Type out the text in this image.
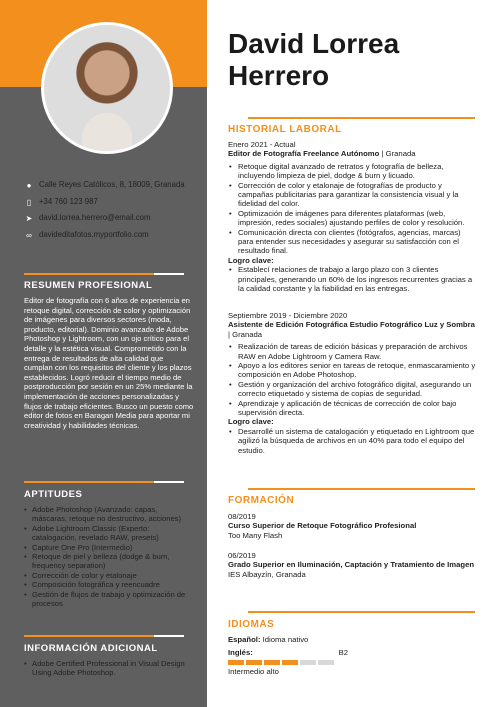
● Calle Reyes Católicos, 8, 18009, Granada
▯ +34 760 123 987
➤ david.lorrea.herrero@email.com
∞ davideditafotos.myportfolio.com
RESUMEN PROFESIONAL
Editor de fotografía con 6 años de experiencia en retoque digital, corrección de color y optimización de imágenes para diversos sectores (moda, producto, editorial). Dominio avanzado de Adobe Photoshop y Lightroom, con un ojo crítico para el detalle y la estética visual. Comprometido con la entrega de resultados de alta calidad que cumplan con los requisitos del cliente y los plazos establecidos. Logró reducir el tiempo medio de postproducción por sesión en un 25% mediante la implementación de acciones personalizadas y flujos de trabajo eficientes. Busco un puesto como editor de fotos en Baragan Media para aportar mi creatividad y habilidades técnicas.
APTITUDES
• Adobe Photoshop (Avanzado: capas, máscaras, retoque no destructivo, acciones)
• Adobe Lightroom Classic (Experto: catalogación, revelado RAW, presets)
• Capture One Pro (Intermedio)
• Retoque de piel y belleza (dodge & burn, frequency separation)
• Corrección de color y etalonaje
• Composición fotográfica y reencuadre
• Gestión de flujos de trabajo y optimización de procesos
INFORMACIÓN ADICIONAL
• Adobe Certified Professional in Visual Design Using Adobe Photoshop.
David Lorrea Herrero
HISTORIAL LABORAL
Enero 2021 - Actual
Editor de Fotografía Freelance Autónomo | Granada
• Retoque digital avanzado de retratos y fotografía de belleza, incluyendo limpieza de piel, dodge & burn y licuado.
• Corrección de color y etalonaje de fotografías de producto y campañas publicitarias para garantizar la consistencia visual y la fidelidad del color.
• Optimización de imágenes para diferentes plataformas (web, impresión, redes sociales) ajustando perfiles de color y resolución.
• Comunicación directa con clientes (fotógrafos, agencias, marcas) para entender sus necesidades y asegurar su satisfacción con el resultado final.
Logro clave:
• Establecí relaciones de trabajo a largo plazo con 3 clientes principales, generando un 60% de los ingresos recurrentes gracias a la calidad constante y la fiabilidad en las entregas.
Septiembre 2019 - Diciembre 2020
Asistente de Edición Fotográfica Estudio Fotográfico Luz y Sombra | Granada
• Realización de tareas de edición básicas y preparación de archivos RAW en Adobe Lightroom y Camera Raw.
• Apoyo a los editores senior en tareas de retoque, enmascaramiento y composición en Adobe Photoshop.
• Gestión y organización del archivo fotográfico digital, asegurando un correcto etiquetado y sistema de copias de seguridad.
• Aprendizaje y aplicación de técnicas de corrección de color bajo supervisión directa.
Logro clave:
• Desarrollé un sistema de catalogación y etiquetado en Lightroom que agilizó la búsqueda de archivos en un 40% para todo el equipo del estudio.
FORMACIÓN
08/2019
Curso Superior de Retoque Fotográfico Profesional
Too Many Flash
06/2019
Grado Superior en Iluminación, Captación y Tratamiento de Imagen
IES Albayzín, Granada
IDIOMAS
Español: Idioma nativo
Inglés:	B2
Intermedio alto
